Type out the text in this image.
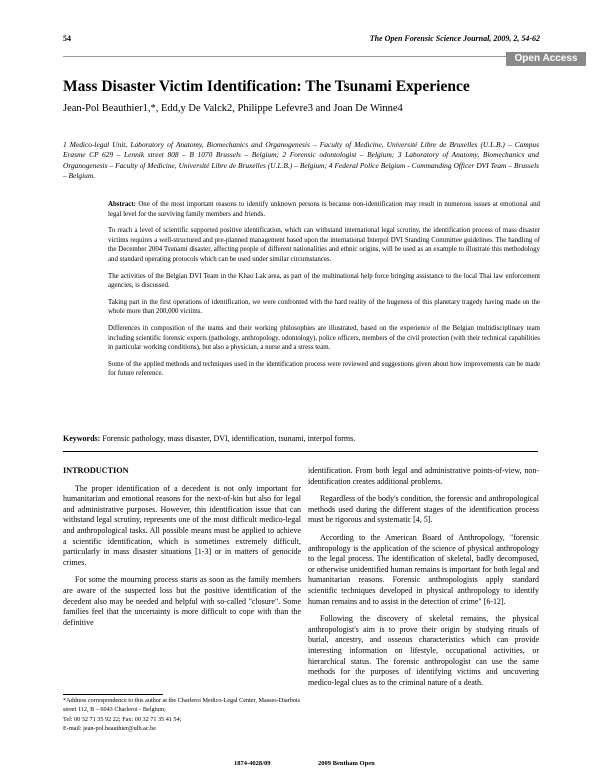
54	The Open Forensic Science Journal, 2009, 2, 54-62
Open Access
Mass Disaster Victim Identification: The Tsunami Experience
Jean-Pol Beauthier1,*, Edd,y De Valck2, Philippe Lefevre3 and Joan De Winne4
1 Medico-legal Unit, Laboratory of Anatomy, Biomechanics and Organogenesis – Faculty of Medicine, Université Libre de Bruxelles (U.L.B.) – Campus Erasme CP 629 – Lennik street 808 – B 1070 Brussels – Belgium; 2 Forensic odontologist – Belgium; 3 Laboratory of Anatomy, Biomechanics and Organogenesis – Faculty of Medicine, Université Libre de Bruxelles (U.L.B.) – Belgium; 4 Federal Police Belgium - Commanding Officer DVI Team – Brussels – Belgium.

Abstract: One of the most important reasons to identify unknown persons is because non-identification may result in numerous issues at emotional and legal level for the surviving family members and friends.

To reach a level of scientific supported positive identification, which can withstand international legal scrutiny, the identification process of mass disaster victims requires a well-structured and pre-planned management based upon the international Interpol DVI Standing Committee guidelines. The handling of the December 2004 Tsunami disaster, affecting people of different nationalities and ethnic origins, will be used as an example to illustrate this methodology and standard operating protocols which can be used under similar circumstances.

The activities of the Belgian DVI Team in the Khao Lak area, as part of the multinational help force bringing assistance to the local Thai law enforcement agencies, is discussed.

Taking part in the first operations of identification, we were confronted with the hard reality of the hugeness of this planetary tragedy having made on the whole more than 200,000 victims.

Differences in composition of the teams and their working philosophies are illustrated, based on the experience of the Belgian multidisciplinary team including scientific forensic experts (pathology, anthropology, odontology), police officers, members of the civil protection (with their technical capabilities in particular working conditions), but also a physician, a nurse and a stress team.

Some of the applied methods and techniques used in the identification process were reviewed and suggestions given about how improvements can be made for future reference.

Keywords: Forensic pathology, mass disaster, DVI, identification, tsunami, interpol forms.
INTRODUCTION

The proper identification of a decedent is not only important for humanitarian and emotional reasons for the next-of-kin but also for legal and administrative purposes. However, this identification issue that can withstand legal scrutiny, represents one of the most difficult medico-legal and anthropological tasks. All possible means must be applied to achieve a scientific identification, which is sometimes extremely difficult, particularly in mass disaster situations [1-3] or in matters of genocide crimes.

For some the mourning process starts as soon as the family members are aware of the suspected loss but the positive identification of the decedent also may be needed and helpful with so-called "closure". Some families feel that the uncertainty is more difficult to cope with than the definitive

identification. From both legal and administrative points-of-view, non-identification creates additional problems.

Regardless of the body's condition, the forensic and anthropological methods used during the different stages of the identification process must be rigorous and systematic [4, 5].

According to the American Board of Anthropology, "forensic anthropology is the application of the science of physical anthropology to the legal process. The identification of skeletal, badly decomposed, or otherwise unidentified human remains is important for both legal and humanitarian reasons. Forensic anthropologists apply standard scientific techniques developed in physical anthropology to identify human remains and to assist in the detection of crime" [6-12].

Following the discovery of skeletal remains, the physical anthropologist's aim is to prove their origin by studying rituals of burial, ancestry, and osseous characteristics which can provide interesting information on lifestyle, occupational activities, or hierarchical status. The forensic anthropologist can use the same methods for the purposes of identifying victims and uncovering medico-legal clues as to the criminal nature of a death.

*Address correspondence to this author at the Charleroi Medico-Legal Center, Masses-Diarbois street 112, B – 6043 Charleroi - Belgium;
Tel: 00 32 71 35 92 22; Fax: 00 32 71 35 41 54;
E-mail: jean-pol.beauthier@ulb.ac.be
1874-4028/09	2009 Bentham Open
